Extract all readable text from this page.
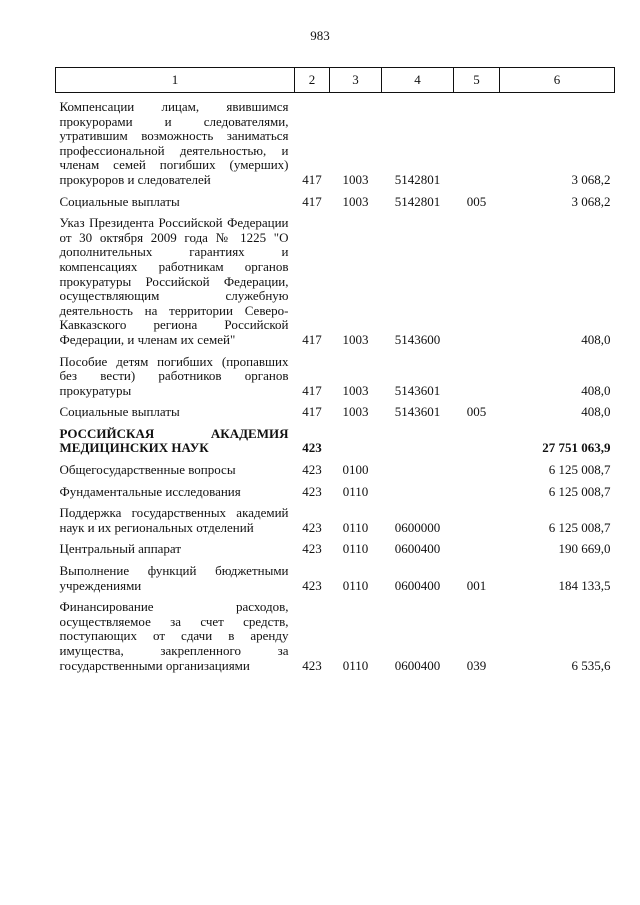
983
1	2	3	4	5	6
Компенсации лицам, явившимся прокурорами и следователями, утратившим возможность заниматься профессиональной деятельностью, и членам семей погибших (умерших) прокуроров и следователей	417	1003	5142801		3 068,2
Социальные выплаты	417	1003	5142801	005	3 068,2
Указ Президента Российской Федерации от 30 октября 2009 года № 1225 "О дополнительных гарантиях и компенсациях работникам органов прокуратуры Российской Федерации, осуществляющим служебную деятельность на территории Северо-Кавказского региона Российской Федерации, и членам их семей"	417	1003	5143600		408,0
Пособие детям погибших (пропавших без вести) работников органов прокуратуры	417	1003	5143601		408,0
Социальные выплаты	417	1003	5143601	005	408,0
РОССИЙСКАЯ АКАДЕМИЯ МЕДИЦИНСКИХ НАУК	423				27 751 063,9
Общегосударственные вопросы	423	0100			6 125 008,7
Фундаментальные исследования	423	0110			6 125 008,7
Поддержка государственных академий наук и их региональных отделений	423	0110	0600000		6 125 008,7
Центральный аппарат	423	0110	0600400		190 669,0
Выполнение функций бюджетными учреждениями	423	0110	0600400	001	184 133,5
Финансирование расходов, осуществляемое за счет средств, поступающих от сдачи в аренду имущества, закрепленного за государственными организациями	423	0110	0600400	039	6 535,6
